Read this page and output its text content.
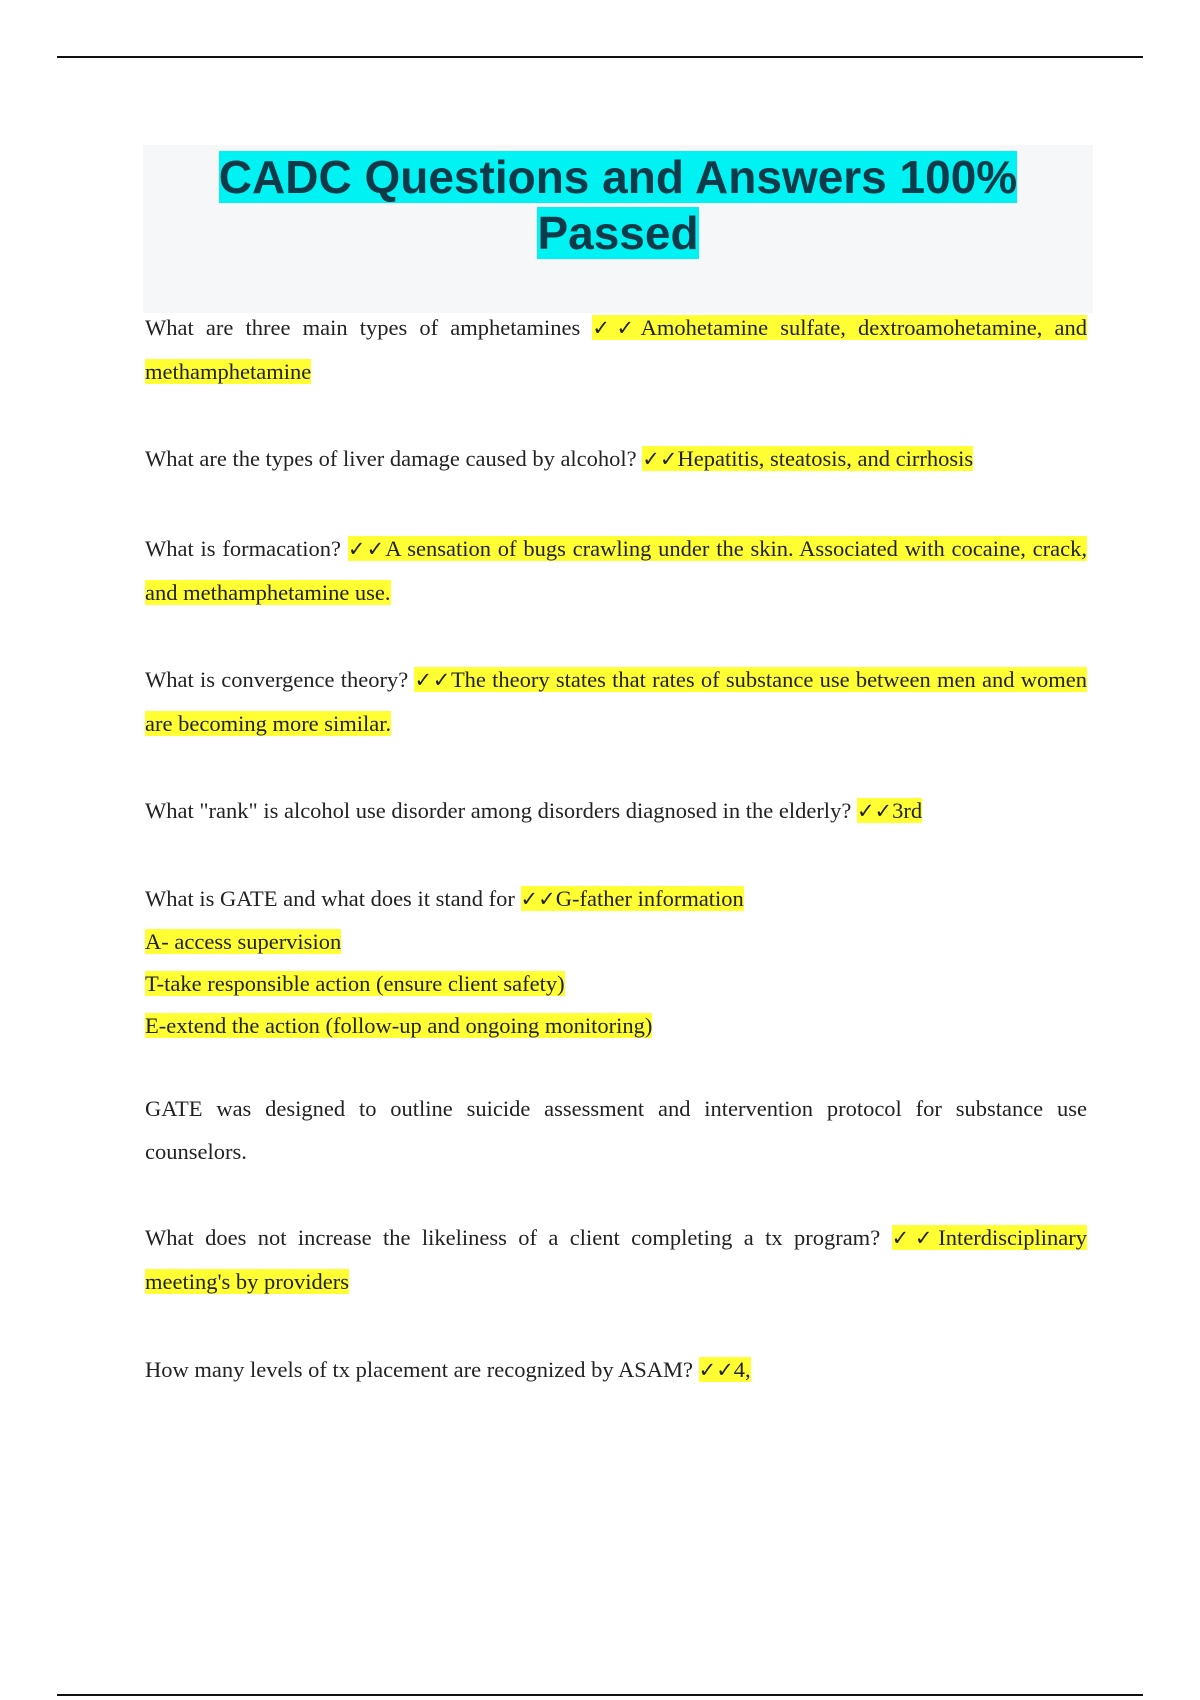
CADC Questions and Answers 100%
Passed

What are three main types of amphetamines ✓✓Amohetamine sulfate, dextroamohetamine, and methamphetamine

What are the types of liver damage caused by alcohol? ✓✓Hepatitis, steatosis, and cirrhosis

What is formacation? ✓✓A sensation of bugs crawling under the skin. Associated with cocaine, crack, and methamphetamine use.

What is convergence theory? ✓✓The theory states that rates of substance use between men and women are becoming more similar.

What "rank" is alcohol use disorder among disorders diagnosed in the elderly? ✓✓3rd

What is GATE and what does it stand for ✓✓G-father information

A- access supervision
T-take responsible action (ensure client safety)
E-extend the action (follow-up and ongoing monitoring)

GATE was designed to outline suicide assessment and intervention protocol for substance use counselors.

What does not increase the likeliness of a client completing a tx program? ✓✓Interdisciplinary meeting's by providers

How many levels of tx placement are recognized by ASAM? ✓✓4,
